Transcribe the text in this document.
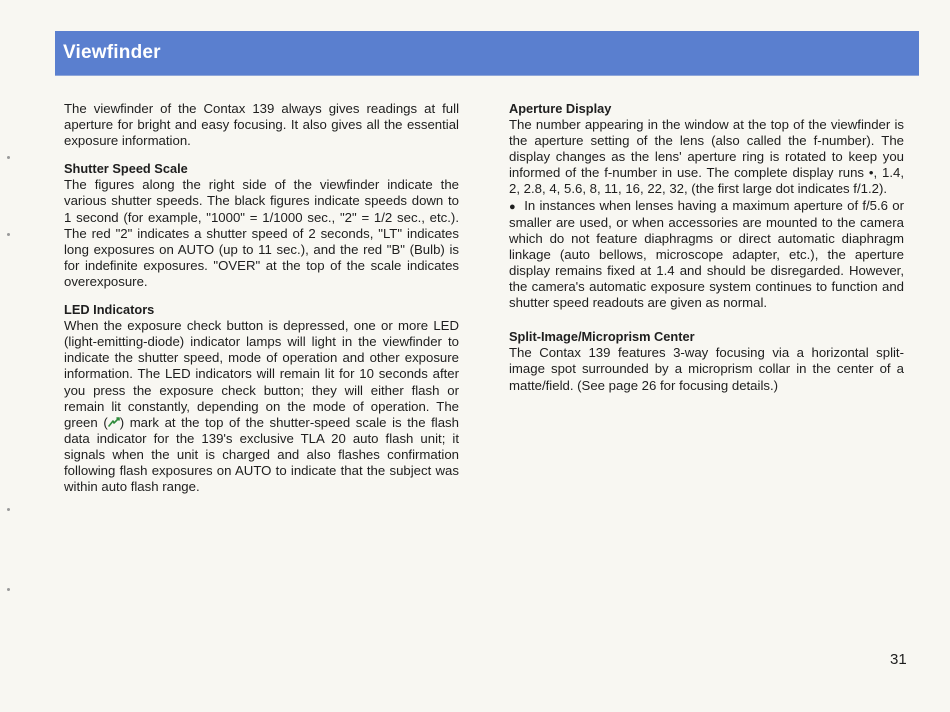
Viewfinder

The viewfinder of the Contax 139 always gives readings at full aperture for bright and easy focusing. It also gives all the essential exposure information.

Shutter Speed Scale

The figures along the right side of the viewfinder indicate the various shutter speeds. The black figures indicate speeds down to 1 second (for example, "1000" = 1/1000 sec., "2" = 1/2 sec., etc.). The red "2" indicates a shutter speed of 2 seconds, "LT" indicates long exposures on AUTO (up to 11 sec.), and the red "B" (Bulb) is for indefinite exposures. "OVER" at the top of the scale indicates overexposure.

LED Indicators

When the exposure check button is depressed, one or more LED (light-emitting-diode) indicator lamps will light in the viewfinder to indicate the shutter speed, mode of operation and other exposure information. The LED indicators will remain lit for 10 seconds after you press the exposure check button; they will either flash or remain lit constantly, depending on the mode of operation. The green ( ) mark at the top of the shutter-speed scale is the flash data indicator for the 139's exclusive TLA 20 auto flash unit; it signals when the unit is charged and also flashes confirmation following flash exposures on AUTO to indicate that the subject was within auto flash range.

Aperture Display

The number appearing in the window at the top of the viewfinder is the aperture setting of the lens (also called the f-number). The display changes as the lens' aperture ring is rotated to keep you informed of the f-number in use. The complete display runs •, 1.4, 2, 2.8, 4, 5.6, 8, 11, 16, 22, 32, (the first large dot indicates f/1.2).

● In instances when lenses having a maximum aperture of f/5.6 or smaller are used, or when accessories are mounted to the camera which do not feature diaphragms or direct automatic diaphragm linkage (auto bellows, microscope adapter, etc.), the aperture display remains fixed at 1.4 and should be disregarded. However, the camera's automatic exposure system continues to function and shutter speed readouts are given as normal.

Split-Image/Microprism Center

The Contax 139 features 3-way focusing via a horizontal split-image spot surrounded by a microprism collar in the center of a matte/field. (See page 26 for focusing details.)

31
